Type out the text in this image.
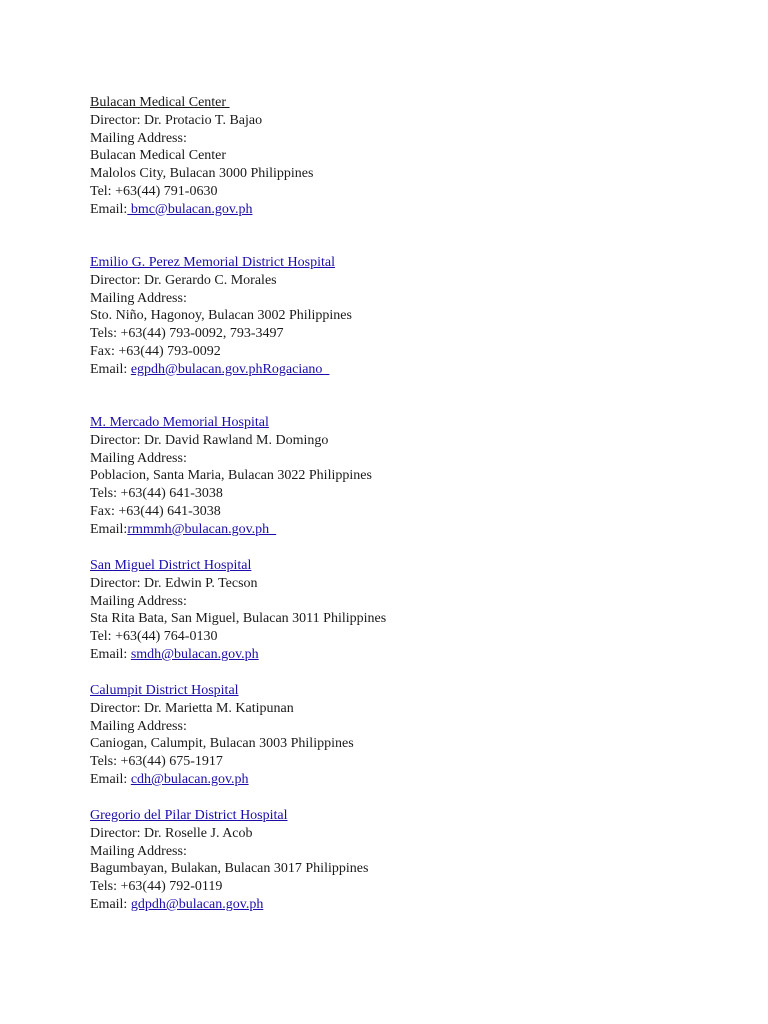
Bulacan Medical Center
Director: Dr. Protacio T. Bajao
Mailing Address:
Bulacan Medical Center
Malolos City, Bulacan 3000 Philippines
Tel: +63(44) 791-0630
Email: bmc@bulacan.gov.ph
Emilio G. Perez Memorial District Hospital
Director: Dr. Gerardo C. Morales
Mailing Address:
Sto. Niño, Hagonoy, Bulacan 3002 Philippines
Tels: +63(44) 793-0092, 793-3497
Fax: +63(44) 793-0092
Email: egpdh@bulacan.gov.phRogaciano
M. Mercado Memorial Hospital
Director: Dr. David Rawland M. Domingo
Mailing Address:
Poblacion, Santa Maria, Bulacan 3022 Philippines
Tels: +63(44) 641-3038
Fax: +63(44) 641-3038
Email:rmmmh@bulacan.gov.ph
San Miguel District Hospital
Director: Dr. Edwin P. Tecson
Mailing Address:
Sta Rita Bata, San Miguel, Bulacan 3011 Philippines
Tel: +63(44) 764-0130
Email: smdh@bulacan.gov.ph
Calumpit District Hospital
Director: Dr. Marietta M. Katipunan
Mailing Address:
Caniogan, Calumpit, Bulacan 3003 Philippines
Tels: +63(44) 675-1917
Email: cdh@bulacan.gov.ph
Gregorio del Pilar District Hospital
Director: Dr. Roselle J. Acob
Mailing Address:
Bagumbayan, Bulakan, Bulacan 3017 Philippines
Tels: +63(44) 792-0119
Email: gdpdh@bulacan.gov.ph
